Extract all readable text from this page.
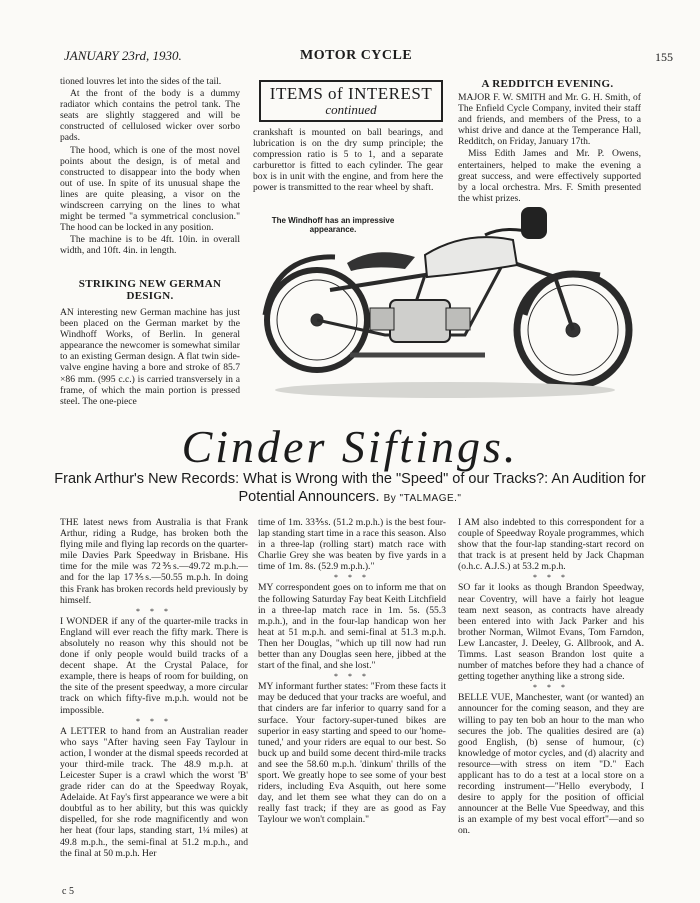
JANUARY 23rd, 1930.	MOTOR CYCLE	155

tioned louvres let into the sides of the tail.

At the front of the body is a dummy radiator which contains the petrol tank. The seats are slightly staggered and will be constructed of cellulosed wicker over sorbo pads.

The hood, which is one of the most novel points about the design, is of metal and constructed to disappear into the body when out of use. In spite of its unusual shape the lines are quite pleasing, a visor on the windscreen carrying on the lines to what might be termed "a symmetrical conclusion." The hood can be locked in any position.

The machine is to be 4ft. 10in. in overall width, and 10ft. 4in. in length.

STRIKING NEW GERMAN DESIGN.

AN interesting new German machine has just been placed on the German market by the Windhoff Works, of Berlin. In general appearance the newcomer is somewhat similar to an existing German design. A flat twin side-valve engine having a bore and stroke of 85.7 ×86 mm. (995 c.c.) is carried transversely in a frame, of which the main portion is pressed steel. The one-piece

ITEMS of INTEREST
continued

crankshaft is mounted on ball bearings, and lubrication is on the dry sump principle; the compression ratio is 5 to 1, and a separate carburettor is fitted to each cylinder. The gear box is in unit with the engine, and from here the power is transmitted to the rear wheel by shaft.

A REDDITCH EVENING.

MAJOR F. W. SMITH and Mr. G. H. Smith, of The Enfield Cycle Company, invited their staff and friends, and members of the Press, to a whist drive and dance at the Temperance Hall, Redditch, on Friday, January 17th.

Miss Edith James and Mr. P. Owens, entertainers, helped to make the evening a great success, and were effectively supported by a local orchestra. Mrs. F. Smith presented the whist prizes.

The Windhoff has an impressive appearance.
Cinder Siftings.
Frank Arthur's New Records: What is Wrong with the "Speed" of our Tracks?: An Audition for Potential Announcers. By "TALMAGE."

THE latest news from Australia is that Frank Arthur, riding a Rudge, has broken both the flying mile and flying lap records on the quarter-mile Davies Park Speedway in Brisbane. His time for the mile was 72⅗s.—49.72 m.p.h.—and for the lap 17⅗s.—50.55 m.p.h. In doing this Frank has broken records held previously by himself.

* * *

I WONDER if any of the quarter-mile tracks in England will ever reach the fifty mark. There is absolutely no reason why this should not be done if only people would build tracks of a decent shape. At the Crystal Palace, for example, there is heaps of room for building, on the site of the present speedway, a more circular track on which fifty-five m.p.h. would not be impossible.

* * *

A LETTER to hand from an Australian reader who says "After having seen Fay Taylour in action, I wonder at the dismal speeds recorded at your third-mile track. The 48.9 m.p.h. at Leicester Super is a crawl which the worst 'B' grade rider can do at the Speedway Royak, Adelaide. At Fay's first appearance we were a bit doubtful as to her ability, but this was quickly dispelled, for she rode magnificently and won her heat (four laps, standing start, 1¼ miles) at 49.8 m.p.h., the semi-final at 51.2 m.p.h., and the final at 50 m.p.h. Her

time of 1m. 33⅗s. (51.2 m.p.h.) is the best four-lap standing start time in a race this season. Also in a three-lap (rolling start) match race with Charlie Grey she was beaten by five yards in a time of 1m. 8s. (52.9 m.p.h.)."

* * *

MY correspondent goes on to inform me that on the following Saturday Fay beat Keith Litchfield in a three-lap match race in 1m. 5s. (55.3 m.p.h.), and in the four-lap handicap won her heat at 51 m.p.h. and semi-final at 51.3 m.p.h. Then her Douglas, "which up till now had run better than any Douglas seen here, jibbed at the start of the final, and she lost."

* * *

MY informant further states: "From these facts it may be deduced that your tracks are woeful, and that cinders are far inferior to quarry sand for a surface. Your factory-super-tuned bikes are superior in easy starting and speed to our 'home-tuned,' and your riders are equal to our best. So buck up and build some decent third-mile tracks and see the 58.60 m.p.h. 'dinkum' thrills of the sport. We greatly hope to see some of your best riders, including Eva Asquith, out here some day, and let them see what they can do on a really fast track; if they are as good as Fay Taylour we won't complain."

I AM also indebted to this correspondent for a couple of Speedway Royale programmes, which show that the four-lap standing-start record on that track is at present held by Jack Chapman (o.h.c. A.J.S.) at 53.2 m.p.h.

* * *

SO far it looks as though Brandon Speedway, near Coventry, will have a fairly hot league team next season, as contracts have already been entered into with Jack Parker and his brother Norman, Wilmot Evans, Tom Farndon, Lew Lancaster, J. Deeley, G. Allbrook, and A. Timms. Last season Brandon lost quite a number of matches before they had a chance of getting together anything like a strong side.

* * *

BELLE VUE, Manchester, want (or wanted) an announcer for the coming season, and they are willing to pay ten bob an hour to the man who secures the job. The qualities desired are (a) good English, (b) sense of humour, (c) knowledge of motor cycles, and (d) alacrity and resource—with stress on item "D." Each applicant has to do a test at a local store on a recording instrument—"Hello everybody, I desire to apply for the position of official announcer at the Belle Vue Speedway, and this is an example of my best vocal effort"—and so on.

c 5
